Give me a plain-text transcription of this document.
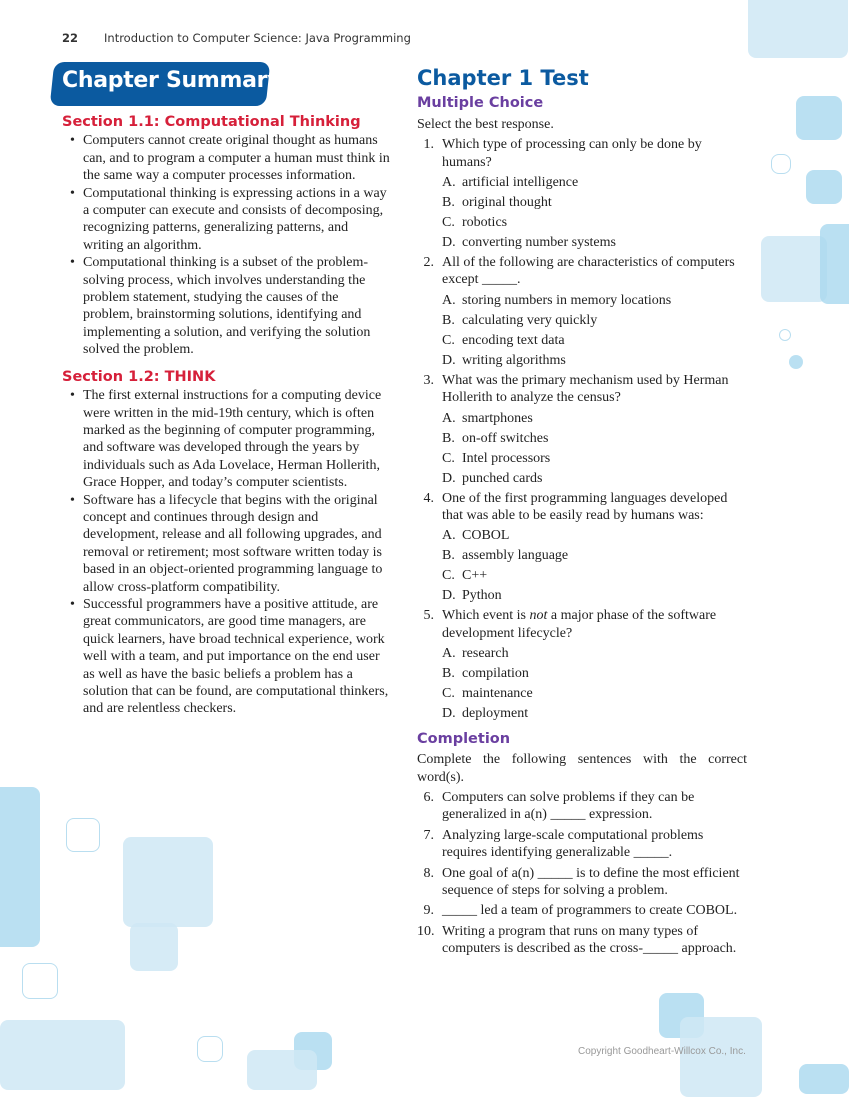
22 Introduction to Computer Science: Java Programming
Chapter Summary
Section 1.1: Computational Thinking
• Computers cannot create original thought as humans can, and to program a computer a human must think in the same way a computer processes information.
• Computational thinking is expressing actions in a way a computer can execute and consists of decomposing, recognizing patterns, generalizing patterns, and writing an algorithm.
• Computational thinking is a subset of the problem-solving process, which involves understanding the problem statement, studying the causes of the problem, brainstorming solutions, identifying and implementing a solution, and verifying the solution solved the problem.
Section 1.2: THINK
• The first external instructions for a computing device were written in the mid-19th century, which is often marked as the beginning of computer programming, and software was developed through the years by individuals such as Ada Lovelace, Herman Hollerith, Grace Hopper, and today’s computer scientists.
• Software has a lifecycle that begins with the original concept and continues through design and development, release and all following upgrades, and removal or retirement; most software written today is based in an object-oriented programming language to allow cross-platform compatibility.
• Successful programmers have a positive attitude, are great communicators, are good time managers, are quick learners, have broad technical experience, work well with a team, and put importance on the end user as well as have the basic beliefs a problem has a solution that can be found, are computational thinkers, and are relentless checkers.
Chapter 1 Test
Multiple Choice
Select the best response.
1. Which type of processing can only be done by humans?
A. artificial intelligence
B. original thought
C. robotics
D. converting number systems
2. All of the following are characteristics of computers except _____.
A. storing numbers in memory locations
B. calculating very quickly
C. encoding text data
D. writing algorithms
3. What was the primary mechanism used by Herman Hollerith to analyze the census?
A. smartphones
B. on-off switches
C. Intel processors
D. punched cards
4. One of the first programming languages developed that was able to be easily read by humans was:
A. COBOL
B. assembly language
C. C++
D. Python
5. Which event is not a major phase of the software development lifecycle?
A. research
B. compilation
C. maintenance
D. deployment
Completion
Complete the following sentences with the correct word(s).
6. Computers can solve problems if they can be generalized in a(n) _____ expression.
7. Analyzing large-scale computational problems requires identifying generalizable _____.
8. One goal of a(n) _____ is to define the most efficient sequence of steps for solving a problem.
9. _____ led a team of programmers to create COBOL.
10. Writing a program that runs on many types of computers is described as the cross-_____ approach.
Copyright Goodheart-Willcox Co., Inc.
